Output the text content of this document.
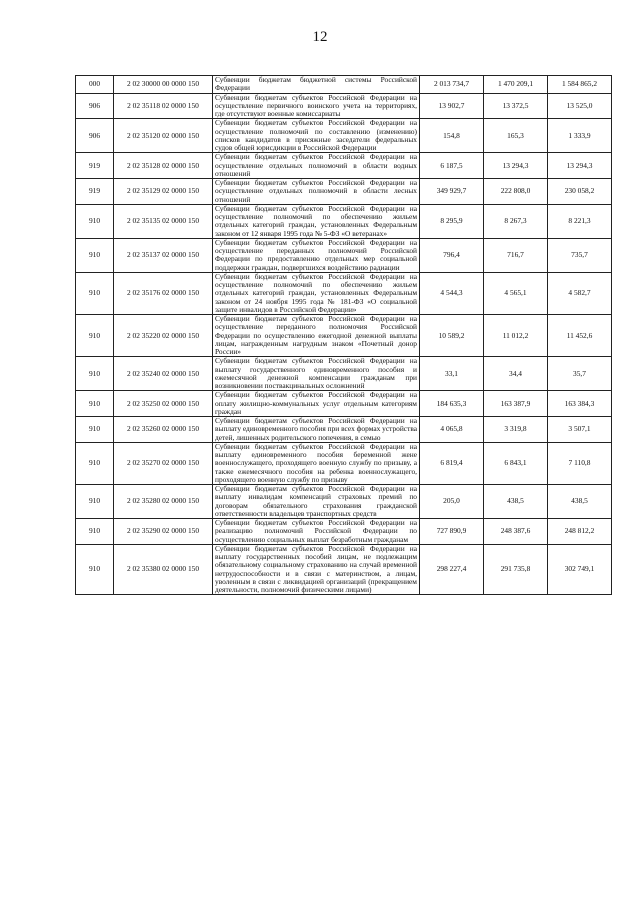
12
000	2 02 30000 00 0000 150	Субвенции бюджетам бюджетной системы Российской Федерации	2 013 734,7	1 470 209,1	1 584 865,2
906	2 02 35118 02 0000 150	Субвенции бюджетам субъектов Российской Федерации на осуществление первичного воинского учета на территориях, где отсутствуют военные комиссариаты	13 902,7	13 372,5	13 525,0
906	2 02 35120 02 0000 150	Субвенции бюджетам субъектов Российской Федерации на осуществление полномочий по составлению (изменению) списков кандидатов в присяжные заседатели федеральных судов общей юрисдикции в Российской Федерации	154,8	165,3	1 333,9
919	2 02 35128 02 0000 150	Субвенции бюджетам субъектов Российской Федерации на осуществление отдельных полномочий в области водных отношений	6 187,5	13 294,3	13 294,3
919	2 02 35129 02 0000 150	Субвенции бюджетам субъектов Российской Федерации на осуществление отдельных полномочий в области лесных отношений	349 929,7	222 808,0	230 058,2
910	2 02 35135 02 0000 150	Субвенции бюджетам субъектов Российской Федерации на осуществление полномочий по обеспечению жильем отдельных категорий граждан, установленных Федеральным законом от 12 января 1995 года № 5-ФЗ «О ветеранах»	8 295,9	8 267,3	8 221,3
910	2 02 35137 02 0000 150	Субвенции бюджетам субъектов Российской Федерации на осуществление переданных полномочий Российской Федерации по предоставлению отдельных мер социальной поддержки граждан, подвергшихся воздействию радиации	796,4	716,7	735,7
910	2 02 35176 02 0000 150	Субвенции бюджетам субъектов Российской Федерации на осуществление полномочий по обеспечению жильем отдельных категорий граждан, установленных Федеральным законом от 24 ноября 1995 года № 181-ФЗ «О социальной защите инвалидов в Российской Федерации»	4 544,3	4 565,1	4 582,7
910	2 02 35220 02 0000 150	Субвенции бюджетам субъектов Российской Федерации на осуществление переданного полномочия Российской Федерации по осуществлению ежегодной денежной выплаты лицам, награжденным нагрудным знаком «Почетный донор России»	10 589,2	11 012,2	11 452,6
910	2 02 35240 02 0000 150	Субвенции бюджетам субъектов Российской Федерации на выплату государственного единовременного пособия и ежемесячной денежной компенсации гражданам при возникновении поствакцинальных осложнений	33,1	34,4	35,7
910	2 02 35250 02 0000 150	Субвенции бюджетам субъектов Российской Федерации на оплату жилищно-коммунальных услуг отдельным категориям граждан	184 635,3	163 387,9	163 384,3
910	2 02 35260 02 0000 150	Субвенции бюджетам субъектов Российской Федерации на выплату единовременного пособия при всех формах устройства детей, лишенных родительского попечения, в семью	4 065,8	3 319,8	3 507,1
910	2 02 35270 02 0000 150	Субвенции бюджетам субъектов Российской Федерации на выплату единовременного пособия беременной жене военнослужащего, проходящего военную службу по призыву, а также ежемесячного пособия на ребенка военнослужащего, проходящего военную службу по призыву	6 819,4	6 843,1	7 110,8
910	2 02 35280 02 0000 150	Субвенции бюджетам субъектов Российской Федерации на выплату инвалидам компенсаций страховых премий по договорам обязательного страхования гражданской ответственности владельцев транспортных средств	205,0	438,5	438,5
910	2 02 35290 02 0000 150	Субвенции бюджетам субъектов Российской Федерации на реализацию полномочий Российской Федерации по осуществлению социальных выплат безработным гражданам	727 890,9	248 387,6	248 812,2
910	2 02 35380 02 0000 150	Субвенции бюджетам субъектов Российской Федерации на выплату государственных пособий лицам, не подлежащим обязательному социальному страхованию на случай временной нетрудоспособности и в связи с материнством, а лицам, уволенным в связи с ликвидацией организаций (прекращением деятельности, полномочий физическими лицами)	298 227,4	291 735,8	302 749,1
